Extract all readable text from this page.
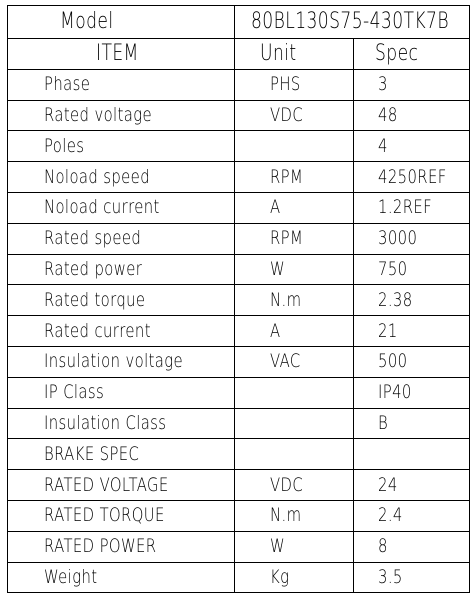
Model	80BL130S75-430TK7B	
ITEM	Unit	Spec
Phase	PHS	3
Rated voltage	VDC	48
Poles		4
Noload speed	RPM	4250REF
Noload current	A	1.2REF
Rated speed	RPM	3000
Rated power	W	750
Rated torque	N.m	2.38
Rated current	A	21
Insulation voltage	VAC	500
IP Class		IP40
Insulation Class		B
BRAKE SPEC		
RATED VOLTAGE	VDC	24
RATED TORQUE	N.m	2.4
RATED POWER	W	8
Weight	Kg	3.5
